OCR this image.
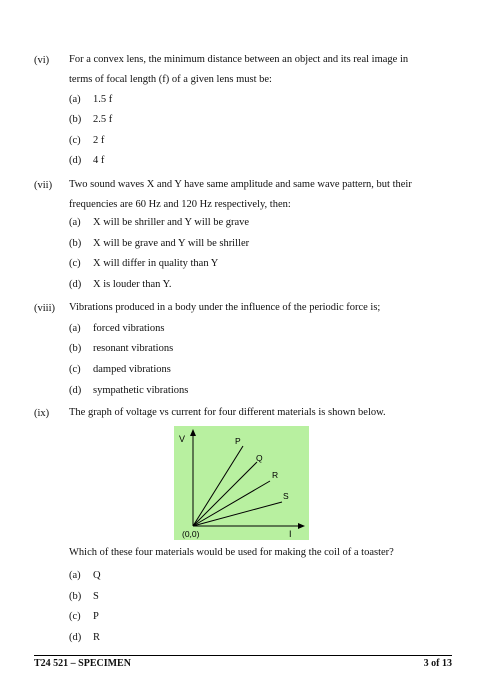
(vi) For a convex lens, the minimum distance between an object and its real image in
terms of focal length (f) of a given lens must be:
(a) 1.5 f
(b) 2.5 f
(c) 2 f
(d) 4 f
(vii) Two sound waves X and Y have same amplitude and same wave pattern, but their
frequencies are 60 Hz and 120 Hz respectively, then:
(a) X will be shriller and Y will be grave
(b) X will be grave and Y will be shriller
(c) X will differ in quality than Y
(d) X is louder than Y.
(viii) Vibrations produced in a body under the influence of the periodic force is;
(a) forced vibrations
(b) resonant vibrations
(c) damped vibrations
(d) sympathetic vibrations
(ix) The graph of voltage vs current for four different materials is shown below.
V
I
(0,0)
P
Q
R
S
Which of these four materials would be used for making the coil of a toaster?
(a) Q
(b) S
(c) P
(d) R
T24 521 – SPECIMEN	3 of 13
